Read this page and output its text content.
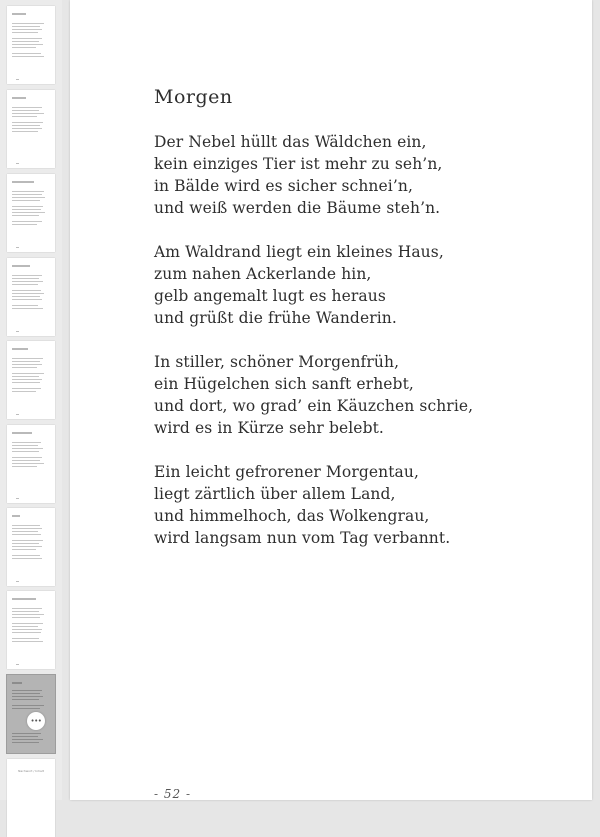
•••
Nachwort / Inhalt
Morgen
Der Nebel hüllt das Wäldchen ein,
kein einziges Tier ist mehr zu seh’n,
in Bälde wird es sicher schnei’n,
und weiß werden die Bäume steh’n.
Am Waldrand liegt ein kleines Haus,
zum nahen Ackerlande hin,
gelb angemalt lugt es heraus
und grüßt die frühe Wanderin.
In stiller, schöner Morgenfrüh,
ein Hügelchen sich sanft erhebt,
und dort, wo grad’ ein Käuzchen schrie,
wird es in Kürze sehr belebt.
Ein leicht gefrorener Morgentau,
liegt zärtlich über allem Land,
und himmelhoch, das Wolkengrau,
wird langsam nun vom Tag verbannt.
- 52 -
